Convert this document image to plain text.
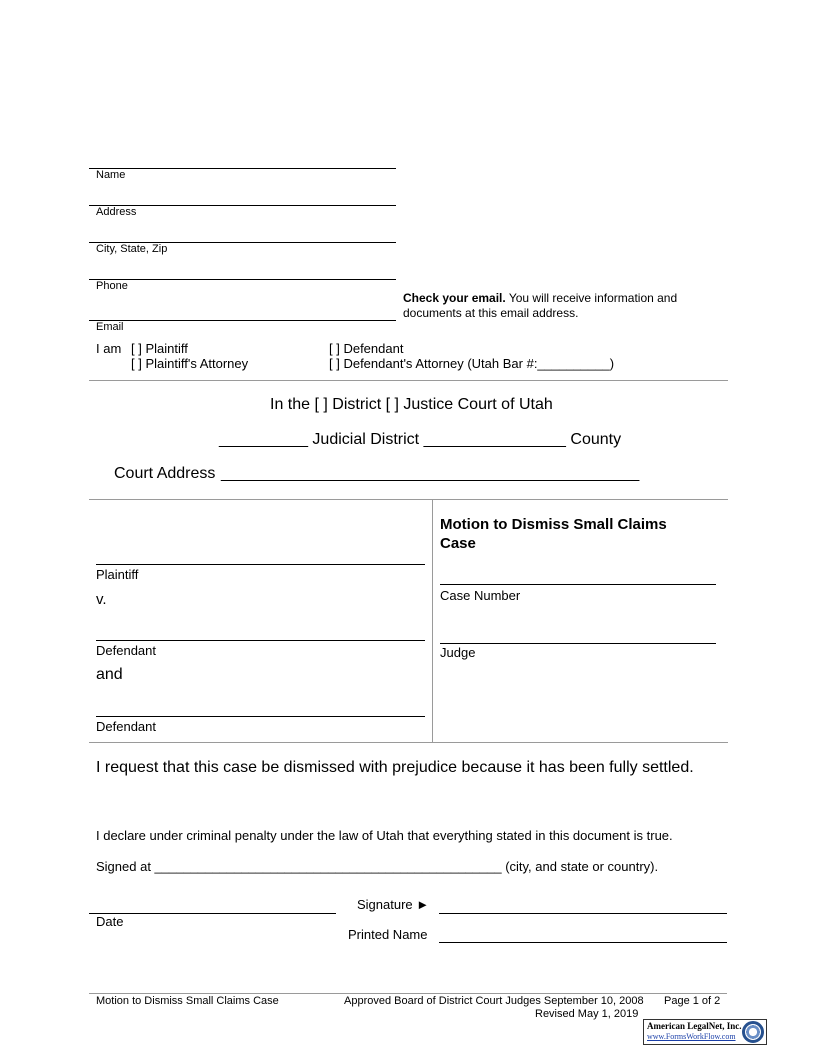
Name
Address
City, State, Zip
Phone
Check your email. You will receive information and
documents at this email address.
Email
I am [ ] Plaintiff
[ ] Plaintiff's Attorney
[ ] Defendant
[ ] Defendant's Attorney (Utah Bar #:__________)
In the [ ] District [ ] Justice Court of Utah
__________ Judicial District ________________ County
Court Address _______________________________________________
Plaintiff
v.
Defendant
and
Defendant
Motion to Dismiss Small Claims
Case
Case Number
Judge
I request that this case be dismissed with prejudice because it has been fully settled.
I declare under criminal penalty under the law of Utah that everything stated in this document is true.
Signed at ________________________________________________ (city, and state or country).
Date
Signature ►
Printed Name
Motion to Dismiss Small Claims Case	Approved Board of District Court Judges September 10, 2008
Revised May 1, 2019
Page 1 of 2
American LegalNet, Inc.
www.FormsWorkFlow.com
